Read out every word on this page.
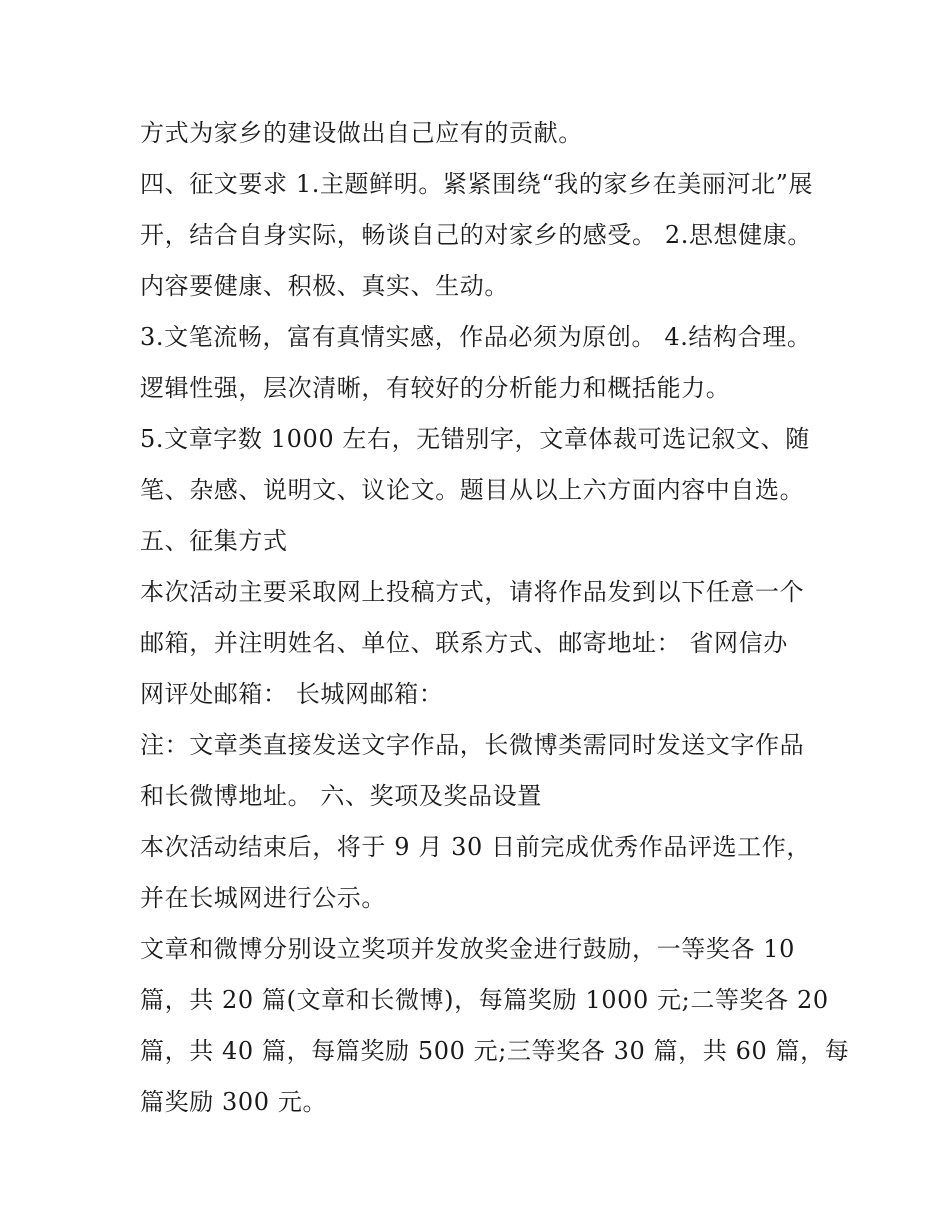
方式为家乡的建设做出自己应有的贡献。
四、征文要求 1.主题鲜明。紧紧围绕“我的家乡在美丽河北”展
开，结合自身实际，畅谈自己的对家乡的感受。 2.思想健康。
内容要健康、积极、真实、生动。
3.文笔流畅，富有真情实感，作品必须为原创。 4.结构合理。
逻辑性强，层次清晰，有较好的分析能力和概括能力。
5.文章字数 1000 左右，无错别字，文章体裁可选记叙文、随
笔、杂感、说明文、议论文。题目从以上六方面内容中自选。
五、征集方式
本次活动主要采取网上投稿方式，请将作品发到以下任意一个
邮箱，并注明姓名、单位、联系方式、邮寄地址： 省网信办
网评处邮箱： 长城网邮箱：
注：文章类直接发送文字作品，长微博类需同时发送文字作品
和长微博地址。 六、奖项及奖品设置
本次活动结束后，将于 9 月 30 日前完成优秀作品评选工作，
并在长城网进行公示。
文章和微博分别设立奖项并发放奖金进行鼓励，一等奖各 10
篇，共 20 篇(文章和长微博)，每篇奖励 1000 元;二等奖各 20
篇，共 40 篇，每篇奖励 500 元;三等奖各 30 篇，共 60 篇，每
篇奖励 300 元。
